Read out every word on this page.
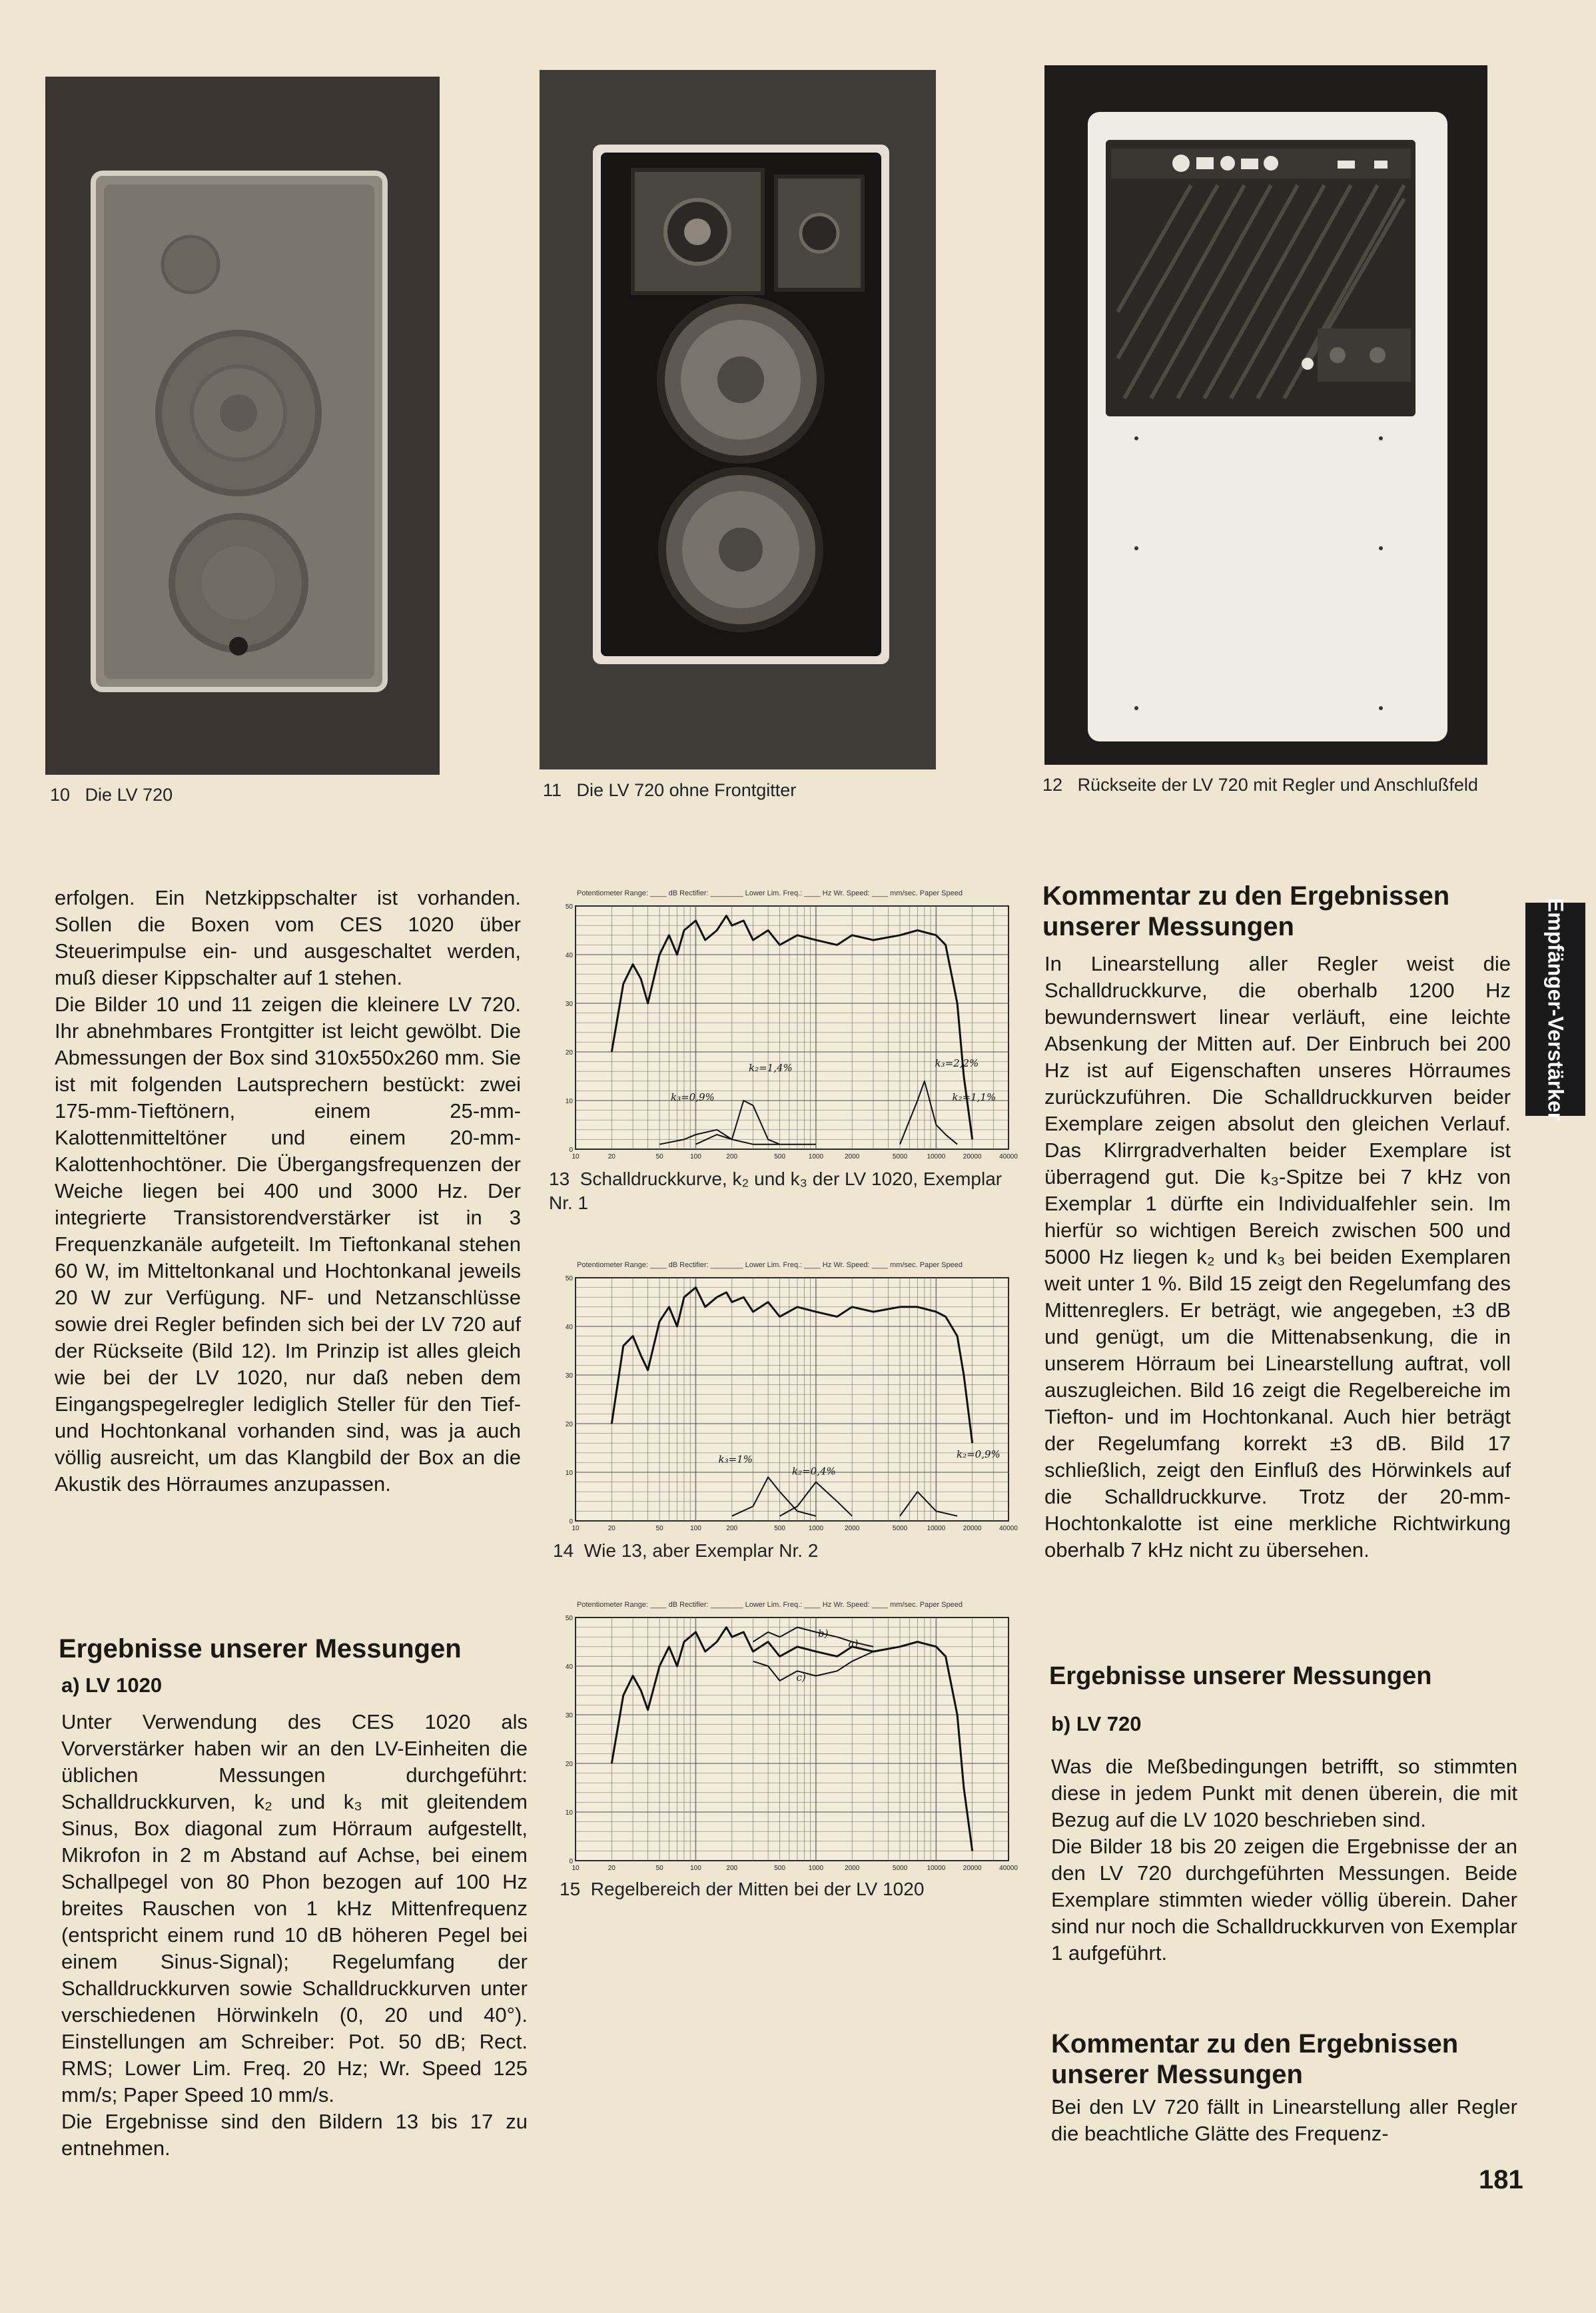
10 Die LV 720	11 Die LV 720 ohne Frontgitter	12 Rückseite der LV 720 mit Regler und Anschlußfeld
Empfänger-Verstärker

erfolgen. Ein Netzkippschalter ist vorhanden. Sollen die Boxen vom CES 1020 über Steuerimpulse ein- und ausgeschaltet werden, muß dieser Kippschalter auf 1 stehen.

Die Bilder 10 und 11 zeigen die kleinere LV 720. Ihr abnehmbares Frontgitter ist leicht gewölbt. Die Abmessungen der Box sind 310x550x260 mm. Sie ist mit folgenden Lautsprechern bestückt: zwei 175-mm-Tieftönern, einem 25-mm-Kalottenmitteltöner und einem 20-mm-Kalottenhochtöner. Die Übergangsfrequenzen der Weiche liegen bei 400 und 3000 Hz. Der integrierte Transistorendverstärker ist in 3 Frequenzkanäle aufgeteilt. Im Tieftonkanal stehen 60 W, im Mitteltonkanal und Hochtonkanal jeweils 20 W zur Verfügung. NF- und Netzanschlüsse sowie drei Regler befinden sich bei der LV 720 auf der Rückseite (Bild 12). Im Prinzip ist alles gleich wie bei der LV 1020, nur daß neben dem Eingangspegelregler lediglich Steller für den Tief- und Hochtonkanal vorhanden sind, was ja auch völlig ausreicht, um das Klangbild der Box an die Akustik des Hörraumes anzupassen.

Ergebnisse unserer Messungen
a) LV 1020

Unter Verwendung des CES 1020 als Vorverstärker haben wir an den LV-Einheiten die üblichen Messungen durchgeführt: Schalldruckkurven, k₂ und k₃ mit gleitendem Sinus, Box diagonal zum Hörraum aufgestellt, Mikrofon in 2 m Abstand auf Achse, bei einem Schallpegel von 80 Phon bezogen auf 100 Hz breites Rauschen von 1 kHz Mittenfrequenz (entspricht einem rund 10 dB höheren Pegel bei einem Sinus-Signal); Regelumfang der Schalldruckkurven sowie Schalldruckkurven unter verschiedenen Hörwinkeln (0, 20 und 40°). Einstellungen am Schreiber: Pot. 50 dB; Rect. RMS; Lower Lim. Freq. 20 Hz; Wr. Speed 125 mm/s; Paper Speed 10 mm/s.

Die Ergebnisse sind den Bildern 13 bis 17 zu entnehmen.

Potentiometer Range: ____ dB Rectifier: ________ Lower Lim. Freq.: ____ Hz Wr. Speed: ____ mm/sec. Paper Speed
0
10
20
30
40
50
10	20	50	100	200	500	1000	2000	5000	10000	20000	40000
k₃=0,9%
k₂=1,4%	k₃=2,2%
k₂=1,1%
13 Schalldruckkurve, k₂ und k₃ der LV 1020, Exemplar Nr. 1
Potentiometer Range: ____ dB Rectifier: ________ Lower Lim. Freq.: ____ Hz Wr. Speed: ____ mm/sec. Paper Speed
0
10
20
30
40
50
10	20	50	100	200	500	1000	2000	5000	10000	20000	40000
k₃=1%
k₂=0,4%
k₂=0,9%
14 Wie 13, aber Exemplar Nr. 2
Potentiometer Range: ____ dB Rectifier: ________ Lower Lim. Freq.: ____ Hz Wr. Speed: ____ mm/sec. Paper Speed
0
10
20
30
40
50
10	20	50	100	200	500	1000	2000	5000	10000	20000	40000
a)
c)
b)
15 Regelbereich der Mitten bei der LV 1020
Kommentar zu den Ergebnissen unserer Messungen

In Linearstellung aller Regler weist die Schalldruckkurve, die oberhalb 1200 Hz bewundernswert linear verläuft, eine leichte Absenkung der Mitten auf. Der Einbruch bei 200 Hz ist auf Eigenschaften unseres Hörraumes zurückzuführen. Die Schalldruckkurven beider Exemplare zeigen absolut den gleichen Verlauf. Das Klirrgradverhalten beider Exemplare ist überragend gut. Die k₃-Spitze bei 7 kHz von Exemplar 1 dürfte ein Individualfehler sein. Im hierfür so wichtigen Bereich zwischen 500 und 5000 Hz liegen k₂ und k₃ bei beiden Exemplaren weit unter 1 %. Bild 15 zeigt den Regelumfang des Mittenreglers. Er beträgt, wie angegeben, ±3 dB und genügt, um die Mittenabsenkung, die in unserem Hörraum bei Linearstellung auftrat, voll auszugleichen. Bild 16 zeigt die Regelbereiche im Tiefton- und im Hochtonkanal. Auch hier beträgt der Regelumfang korrekt ±3 dB. Bild 17 schließlich, zeigt den Einfluß des Hörwinkels auf die Schalldruckkurve. Trotz der 20-mm-Hochtonkalotte ist eine merkliche Richtwirkung oberhalb 7 kHz nicht zu übersehen.

Ergebnisse unserer Messungen
b) LV 720

Was die Meßbedingungen betrifft, so stimmten diese in jedem Punkt mit denen überein, die mit Bezug auf die LV 1020 beschrieben sind.

Die Bilder 18 bis 20 zeigen die Ergebnisse der an den LV 720 durchgeführten Messungen. Beide Exemplare stimmten wieder völlig überein. Daher sind nur noch die Schalldruckkurven von Exemplar 1 aufgeführt.

Kommentar zu den Ergebnissen unserer Messungen

Bei den LV 720 fällt in Linearstellung aller Regler die beachtliche Glätte des Frequenz-

181
